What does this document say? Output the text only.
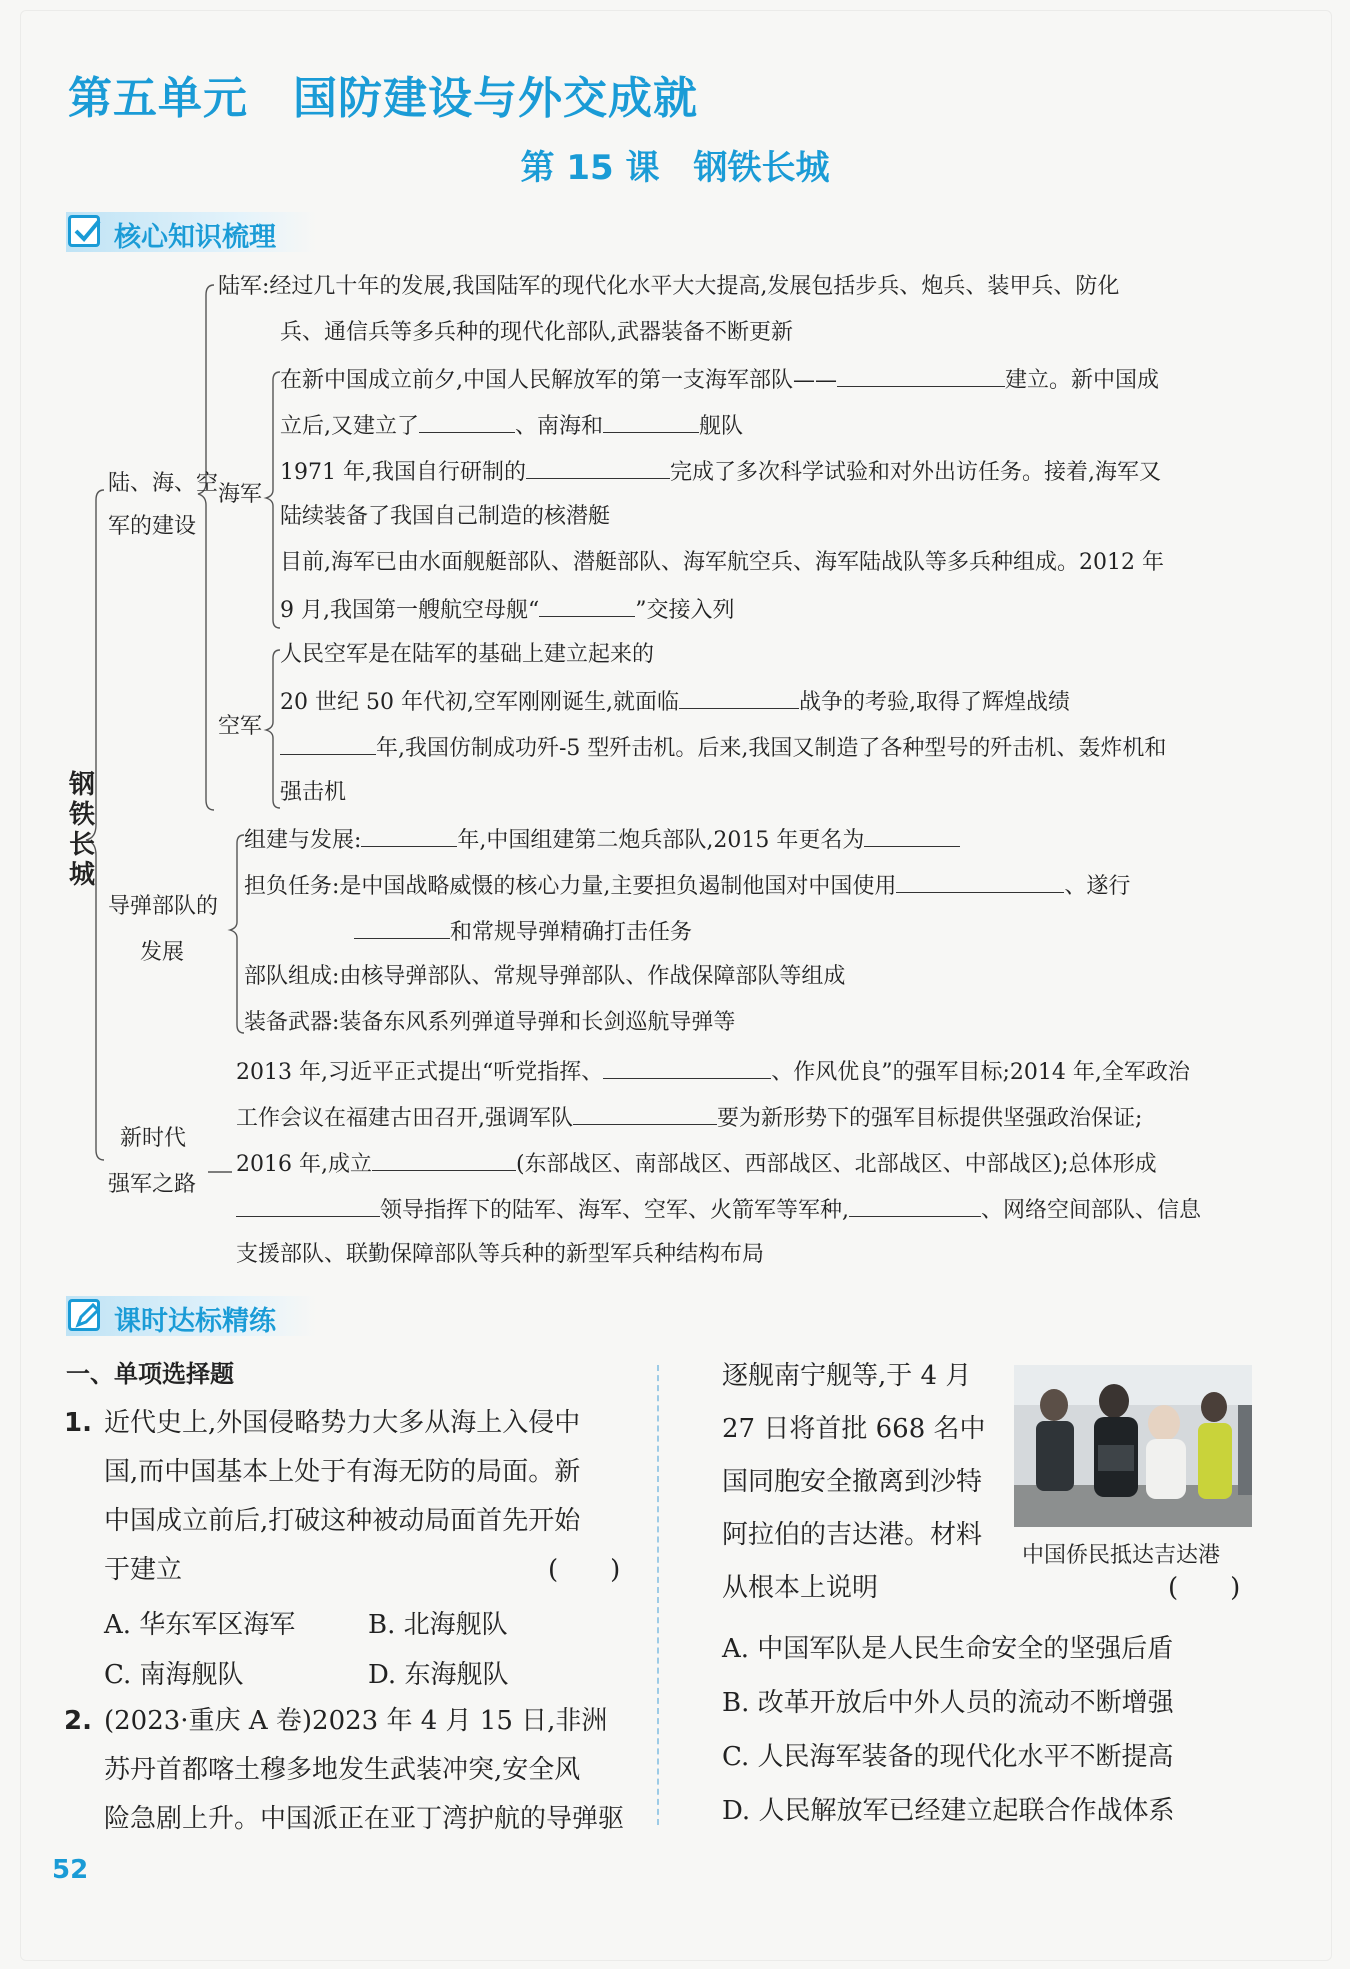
第五单元　国防建设与外交成就
第 15 课　钢铁长城
核心知识梳理
钢
铁
长
城
陆、海、空
军的建设
陆军:经过几十年的发展,我国陆军的现代化水平大大提高,发展包括步兵、炮兵、装甲兵、防化
兵、通信兵等多兵种的现代化部队,武器装备不断更新
海军
在新中国成立前夕,中国人民解放军的第一支海军部队——	建立。新中国成
立后,又建立了	、南海和	舰队
1971 年,我国自行研制的	完成了多次科学试验和对外出访任务。接着,海军又
陆续装备了我国自己制造的核潜艇
目前,海军已由水面舰艇部队、潜艇部队、海军航空兵、海军陆战队等多兵种组成。2012 年
9 月,我国第一艘航空母舰“	”交接入列
空军
人民空军是在陆军的基础上建立起来的
20 世纪 50 年代初,空军刚刚诞生,就面临	战争的考验,取得了辉煌战绩
年,我国仿制成功歼-5 型歼击机。后来,我国又制造了各种型号的歼击机、轰炸机和
强击机
导弹部队的
发展
组建与发展:	年,中国组建第二炮兵部队,2015 年更名为
担负任务:是中国战略威慑的核心力量,主要担负遏制他国对中国使用	、遂行
和常规导弹精确打击任务
部队组成:由核导弹部队、常规导弹部队、作战保障部队等组成
装备武器:装备东风系列弹道导弹和长剑巡航导弹等
新时代
强军之路
2013 年,习近平正式提出“听党指挥、	、作风优良”的强军目标;2014 年,全军政治
工作会议在福建古田召开,强调军队	要为新形势下的强军目标提供坚强政治保证;
2016 年,成立	(东部战区、南部战区、西部战区、北部战区、中部战区);总体形成
领导指挥下的陆军、海军、空军、火箭军等军种,	、网络空间部队、信息
支援部队、联勤保障部队等兵种的新型军兵种结构布局
课时达标精练
一、单项选择题
1. 近代史上,外国侵略势力大多从海上入侵中
国,而中国基本上处于有海无防的局面。新
中国成立前后,打破这种被动局面首先开始
于建立	(　　)
A. 华东军区海军	B. 北海舰队
C. 南海舰队	D. 东海舰队
2. (2023·重庆 A 卷)2023 年 4 月 15 日,非洲
苏丹首都喀土穆多地发生武装冲突,安全风
险急剧上升。中国派正在亚丁湾护航的导弹驱
逐舰南宁舰等,于 4 月
27 日将首批 668 名中
国同胞安全撤离到沙特
阿拉伯的吉达港。材料
从根本上说明	(　　)
中国侨民抵达吉达港
A. 中国军队是人民生命安全的坚强后盾
B. 改革开放后中外人员的流动不断增强
C. 人民海军装备的现代化水平不断提高
D. 人民解放军已经建立起联合作战体系
52
